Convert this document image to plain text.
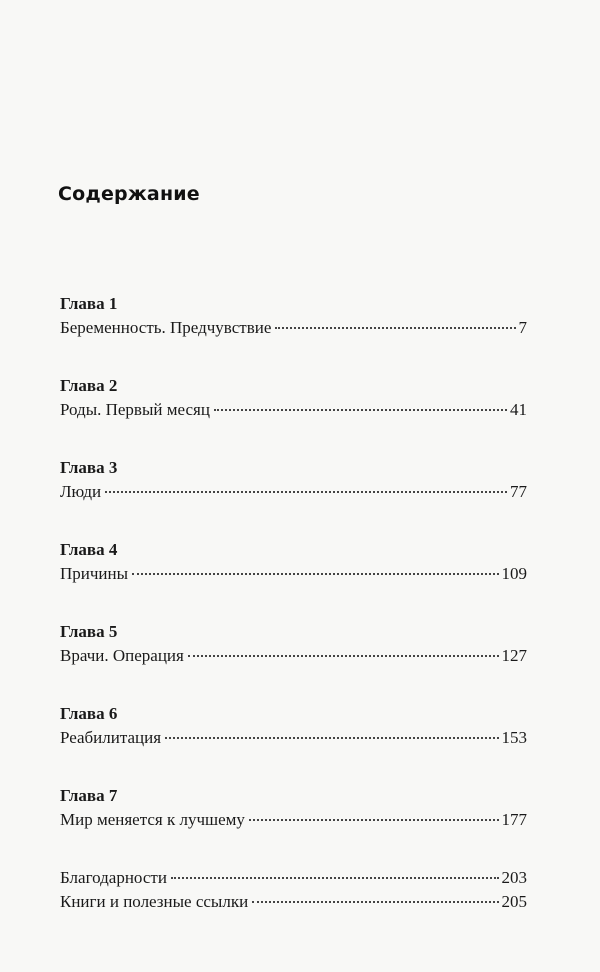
Содержание
Глава 1
Беременность. Предчувствие	7
Глава 2
Роды. Первый месяц	41
Глава 3
Люди	77
Глава 4
Причины	109
Глава 5
Врачи. Операция	127
Глава 6
Реабилитация	153
Глава 7
Мир меняется к лучшему	177
Благодарности	203
Книги и полезные ссылки	205
